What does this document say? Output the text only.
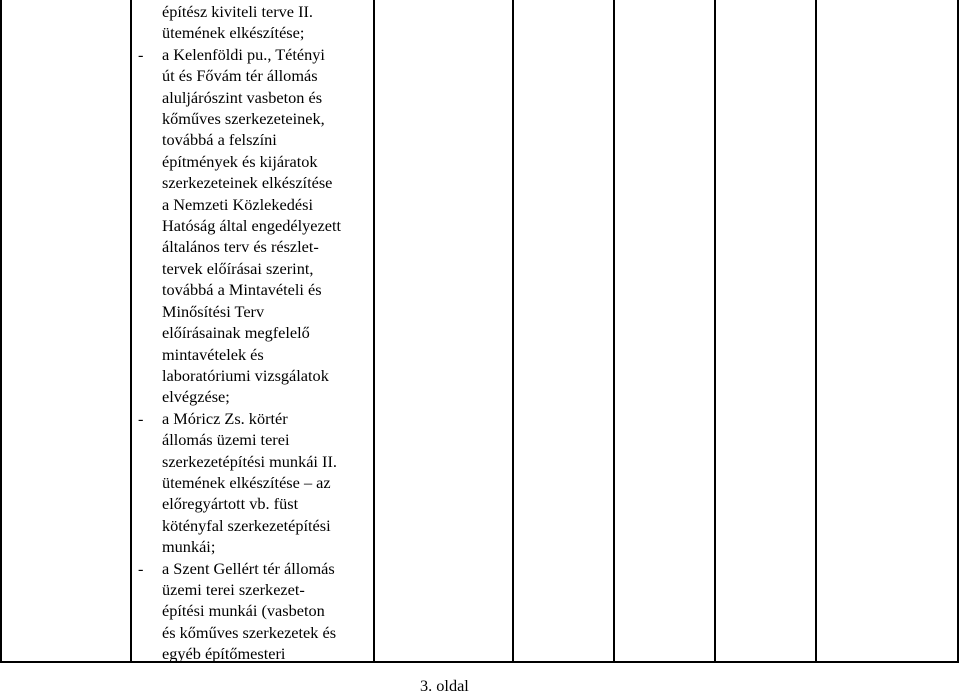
építész kiviteli terve II.
ütemének elkészítése;
- a Kelenföldi pu., Tétényi
út és Fővám tér állomás
aluljárószint vasbeton és
kőműves szerkezeteinek,
továbbá a felszíni
építmények és kijáratok
szerkezeteinek elkészítése
a Nemzeti Közlekedési
Hatóság által engedélyezett
általános terv és részlet-
tervek előírásai szerint,
továbbá a Mintavételi és
Minősítési Terv
előírásainak megfelelő
mintavételek és
laboratóriumi vizsgálatok
elvégzése;
- a Móricz Zs. körtér
állomás üzemi terei
szerkezetépítési munkái II.
ütemének elkészítése – az
előregyártott vb. füst
kötényfal szerkezetépítési
munkái;
- a Szent Gellért tér állomás
üzemi terei szerkezet-
építési munkái (vasbeton
és kőműves szerkezetek és
egyéb építőmesteri
3. oldal
